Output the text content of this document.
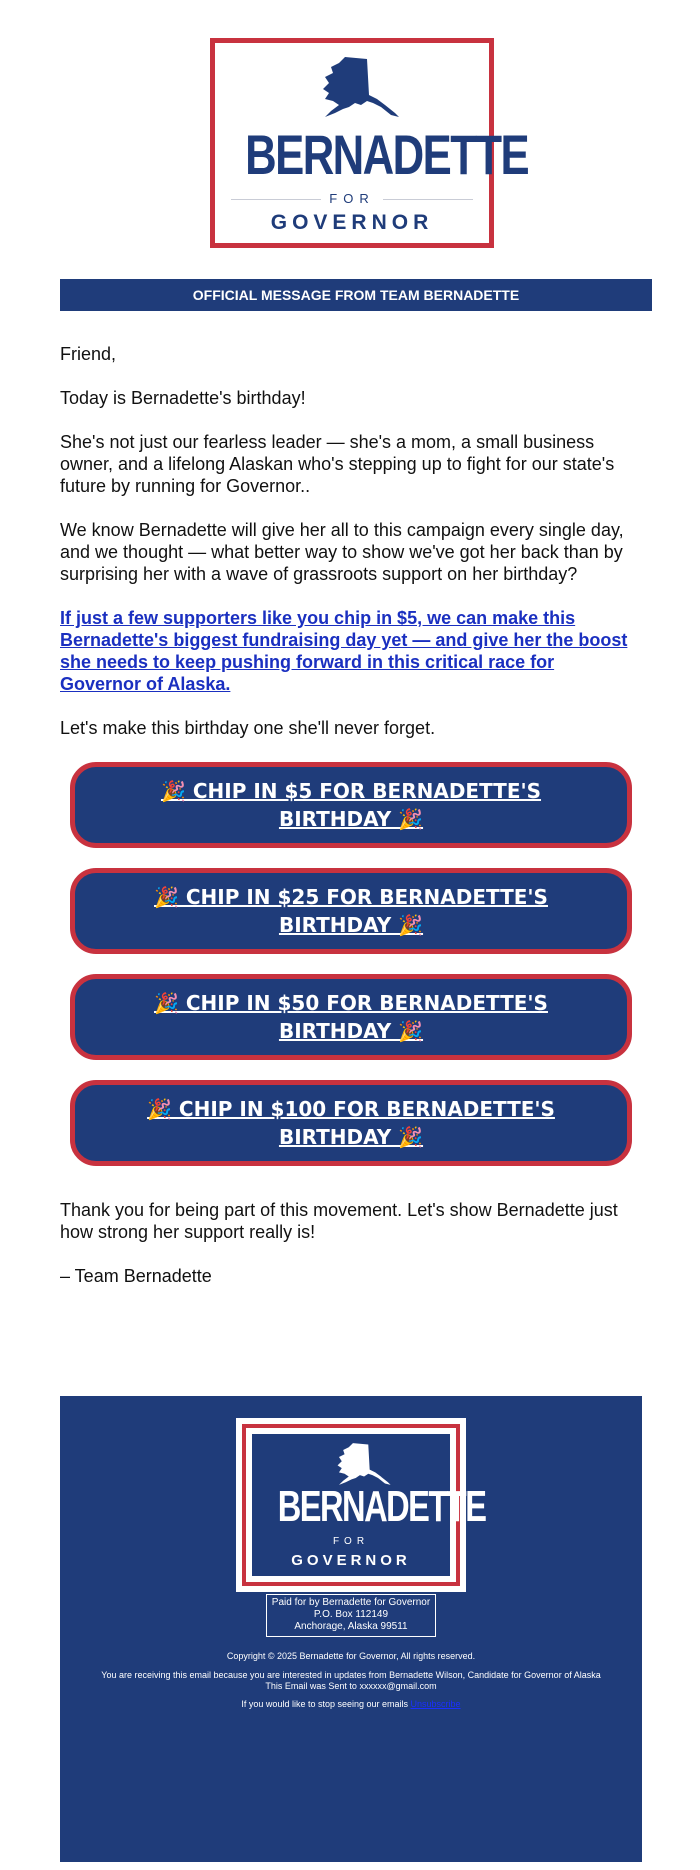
BERNADETTE
FOR
GOVERNOR
OFFICIAL MESSAGE FROM TEAM BERNADETTE
Friend,
Today is Bernadette's birthday!
She's not just our fearless leader — she's a mom, a small business owner, and a lifelong Alaskan who's stepping up to fight for our state's future by running for Governor..
We know Bernadette will give her all to this campaign every single day, and we thought — what better way to show we've got her back than by surprising her with a wave of grassroots support on her birthday?
If just a few supporters like you chip in $5, we can make this Bernadette's biggest fundraising day yet — and give her the boost she needs to keep pushing forward in this critical race for Governor of Alaska.
Let's make this birthday one she'll never forget.
🎉 CHIP IN $5 FOR BERNADETTE'S BIRTHDAY 🎉
🎉 CHIP IN $25 FOR BERNADETTE'S BIRTHDAY 🎉
🎉 CHIP IN $50 FOR BERNADETTE'S BIRTHDAY 🎉
🎉 CHIP IN $100 FOR BERNADETTE'S BIRTHDAY 🎉
Thank you for being part of this movement. Let's show Bernadette just how strong her support really is!
– Team Bernadette
BERNADETTE
FOR
GOVERNOR
Paid for by Bernadette for Governor
P.O. Box 112149
Anchorage, Alaska 99511
Copyright © 2025 Bernadette for Governor, All rights reserved.
You are receiving this email because you are interested in updates from Bernadette Wilson, Candidate for Governor of Alaska
This Email was Sent to xxxxxx@gmail.com
If you would like to stop seeing our emails Unsubscribe
